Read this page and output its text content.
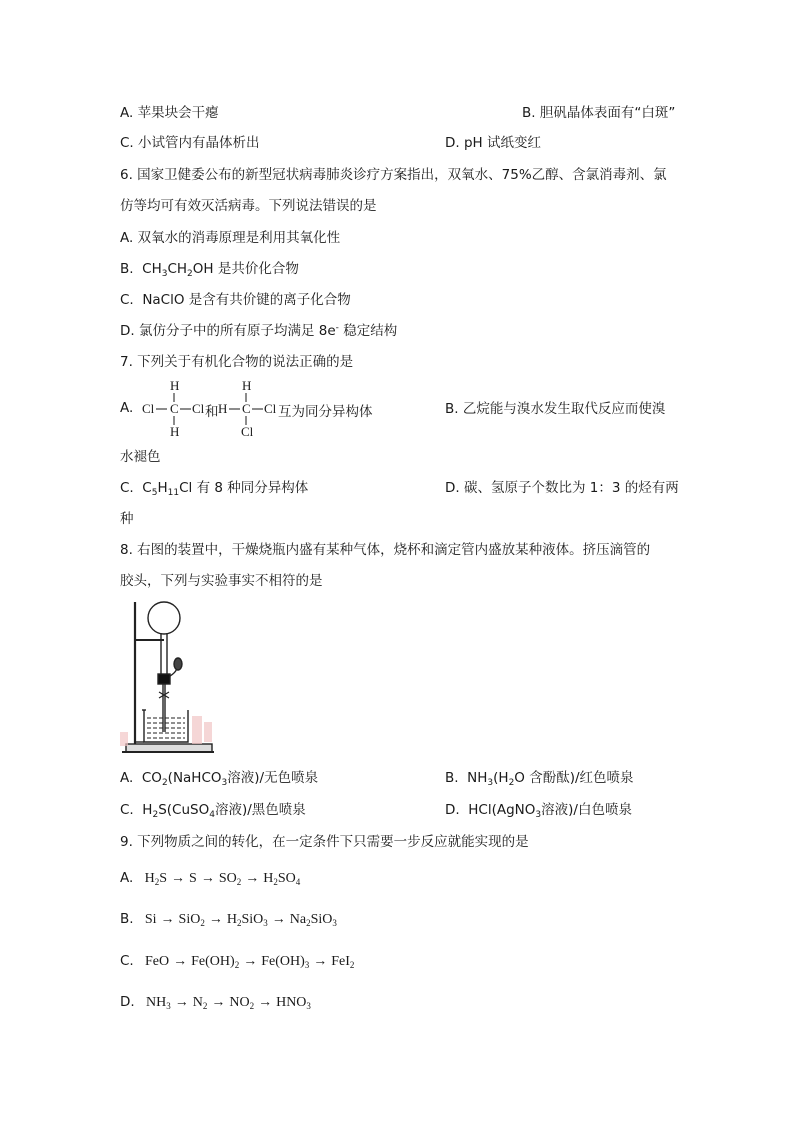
A. 苹果块会干瘪	B. 胆矾晶体表面有“白斑”
C. 小试管内有晶体析出	D. pH 试纸变红
6. 国家卫健委公布的新型冠状病毒肺炎诊疗方案指出，双氧水、75%乙醇、含氯消毒剂、氯
仿等均可有效灭活病毒。下列说法错误的是
A. 双氧水的消毒原理是利用其氧化性
B.  $CH_3CH_2OH$ 是共价化合物
C. NaClO 是含有共价键的离子化合物
D. 氯仿分子中的所有原子均满足 8e- 稳定结构
7. 下列关于有机化合物的说法正确的是
A.
H
Cl C Cl
H
H
H
C Cl
Cl
和	互为同分异构体	B. 乙烷能与溴水发生取代反应而使溴
水褪色
C.  $C_5H_{11}Cl$ 有 8 种同分异构体	D. 碳、氢原子个数比为 1：3 的烃有两
种
8. 右图的装置中，干燥烧瓶内盛有某种气体，烧杯和滴定管内盛放某种液体。挤压滴管的
胶头，下列与实验事实不相符的是
A.  $CO_2(NaHCO_3$溶液)/无色喷泉	B.  $NH_3(H_2O$ 含酚酞)/红色喷泉
C.  $H_2S(CuSO_4$溶液)/黑色喷泉	D.  HCl(AgNO$_3$溶液)/白色喷泉
9. 下列物质之间的转化，在一定条件下只需要一步反应就能实现的是
A.   $H_2S \to S \to SO_2 \to H_2SO_4$
B.   $Si \to SiO_2 \to H_2SiO_3 \to Na_2SiO_3$
C.   FeO → $Fe(OH)_2 \to Fe(OH)_3 \to FeI_2$
D.   $NH_3 \to N_2 \to NO_2 \to HNO_3$
